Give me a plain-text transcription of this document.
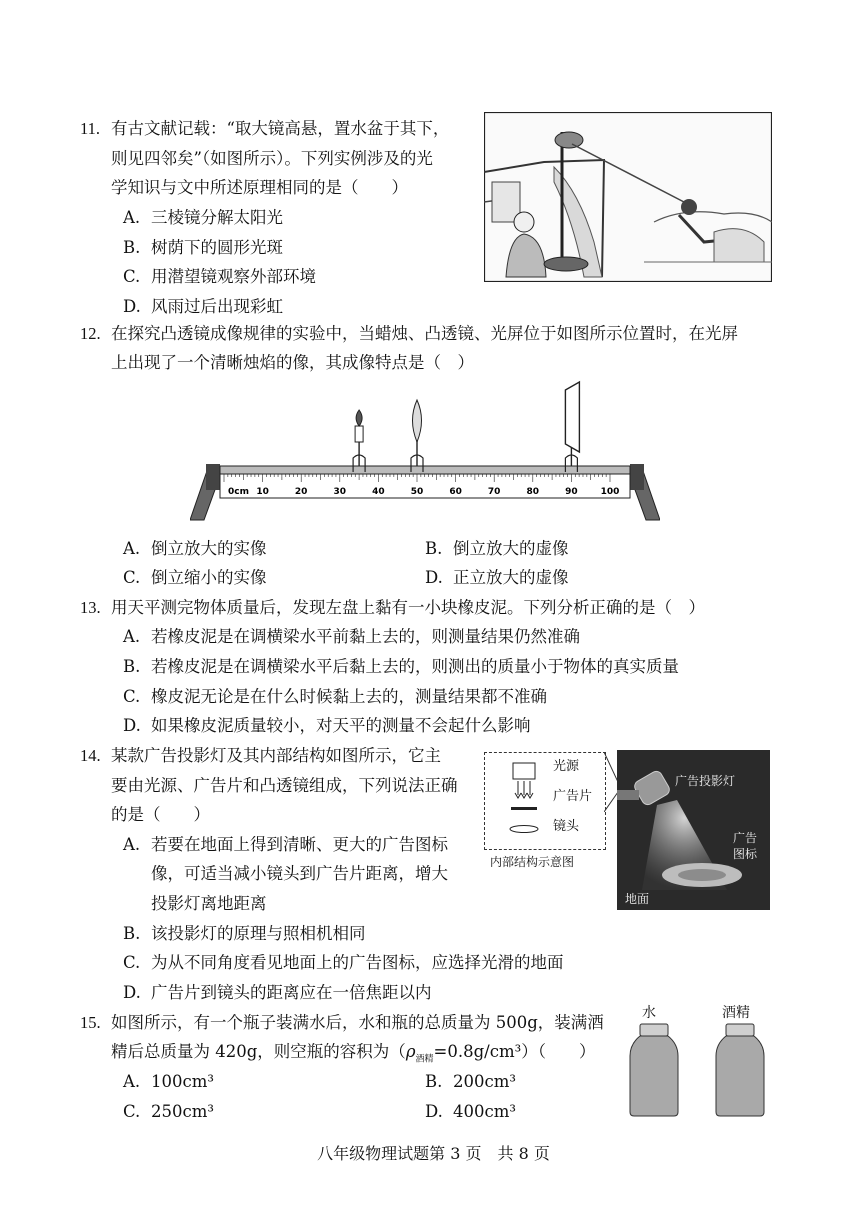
11. 有古文献记载：“取大镜高悬，置水盆于其下，
则见四邻矣”（如图所示）。下列实例涉及的光
学知识与文中所述原理相同的是（　　）
A. 三棱镜分解太阳光
B. 树荫下的圆形光斑
C. 用潜望镜观察外部环境
D. 风雨过后出现彩虹
12. 在探究凸透镜成像规律的实验中，当蜡烛、凸透镜、光屏位于如图所示位置时，在光屏
上出现了一个清晰烛焰的像，其成像特点是（　）
0cm 10	20	30	40	50	60	70	80	90	100
A. 倒立放大的实像	B. 倒立放大的虚像
C. 倒立缩小的实像	D. 正立放大的虚像
13. 用天平测完物体质量后，发现左盘上黏有一小块橡皮泥。下列分析正确的是（　）
A. 若橡皮泥是在调横梁水平前黏上去的，则测量结果仍然准确
B. 若橡皮泥是在调横梁水平后黏上去的，则测出的质量小于物体的真实质量
C. 橡皮泥无论是在什么时候黏上去的，测量结果都不准确
D. 如果橡皮泥质量较小，对天平的测量不会起什么影响
14. 某款广告投影灯及其内部结构如图所示，它主
要由光源、广告片和凸透镜组成，下列说法正确
的是（　　）
A. 若要在地面上得到清晰、更大的广告图标
像，可适当减小镜头到广告片距离，增大
投影灯离地距离
B. 该投影灯的原理与照相机相同
C. 为从不同角度看见地面上的广告图标，应选择光滑的地面
D. 广告片到镜头的距离应在一倍焦距以内
光源
广告片
镜头
内部结构示意图
广告投影灯
广告图标
地面
15. 如图所示，有一个瓶子装满水后，水和瓶的总质量为 500g，装满酒
精后总质量为 420g，则空瓶的容积为$(\rho_{酒精}=0.8g/cm^3)$（　　）
A. 100cm³	B. 200cm³
C. 250cm³	D. 400cm³
水	酒精
八年级物理试题第 3 页　共 8 页
